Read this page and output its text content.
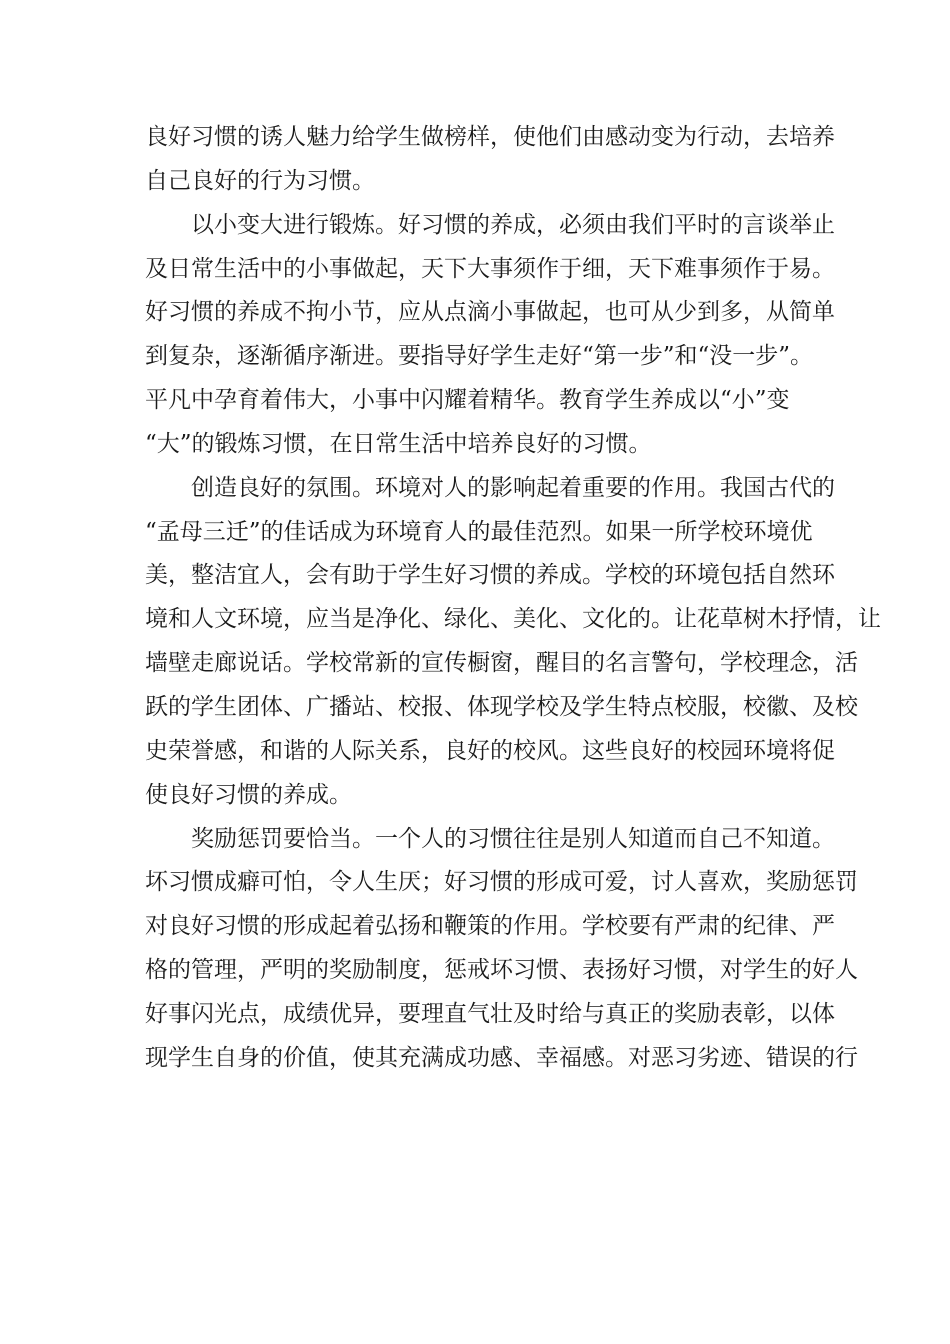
良好习惯的诱人魅力给学生做榜样，使他们由感动变为行动，去培养
自己良好的行为习惯。
以小变大进行锻炼。好习惯的养成，必须由我们平时的言谈举止
及日常生活中的小事做起，天下大事须作于细，天下难事须作于易。
好习惯的养成不拘小节，应从点滴小事做起，也可从少到多，从简单
到复杂，逐渐循序渐进。要指导好学生走好“第一步”和“没一步”。
平凡中孕育着伟大，小事中闪耀着精华。教育学生养成以“小”变
“大”的锻炼习惯，在日常生活中培养良好的习惯。
创造良好的氛围。环境对人的影响起着重要的作用。我国古代的
“孟母三迁”的佳话成为环境育人的最佳范烈。如果一所学校环境优
美，整洁宜人，会有助于学生好习惯的养成。学校的环境包括自然环
境和人文环境，应当是净化、绿化、美化、文化的。让花草树木抒情，让
墙壁走廊说话。学校常新的宣传橱窗，醒目的名言警句，学校理念，活
跃的学生团体、广播站、校报、体现学校及学生特点校服，校徽、及校
史荣誉感，和谐的人际关系，良好的校风。这些良好的校园环境将促
使良好习惯的养成。
奖励惩罚要恰当。一个人的习惯往往是别人知道而自己不知道。
坏习惯成癖可怕，令人生厌；好习惯的形成可爱，讨人喜欢，奖励惩罚
对良好习惯的形成起着弘扬和鞭策的作用。学校要有严肃的纪律、严
格的管理，严明的奖励制度，惩戒坏习惯、表扬好习惯，对学生的好人
好事闪光点，成绩优异，要理直气壮及时给与真正的奖励表彰，以体
现学生自身的价值，使其充满成功感、幸福感。对恶习劣迹、错误的行
